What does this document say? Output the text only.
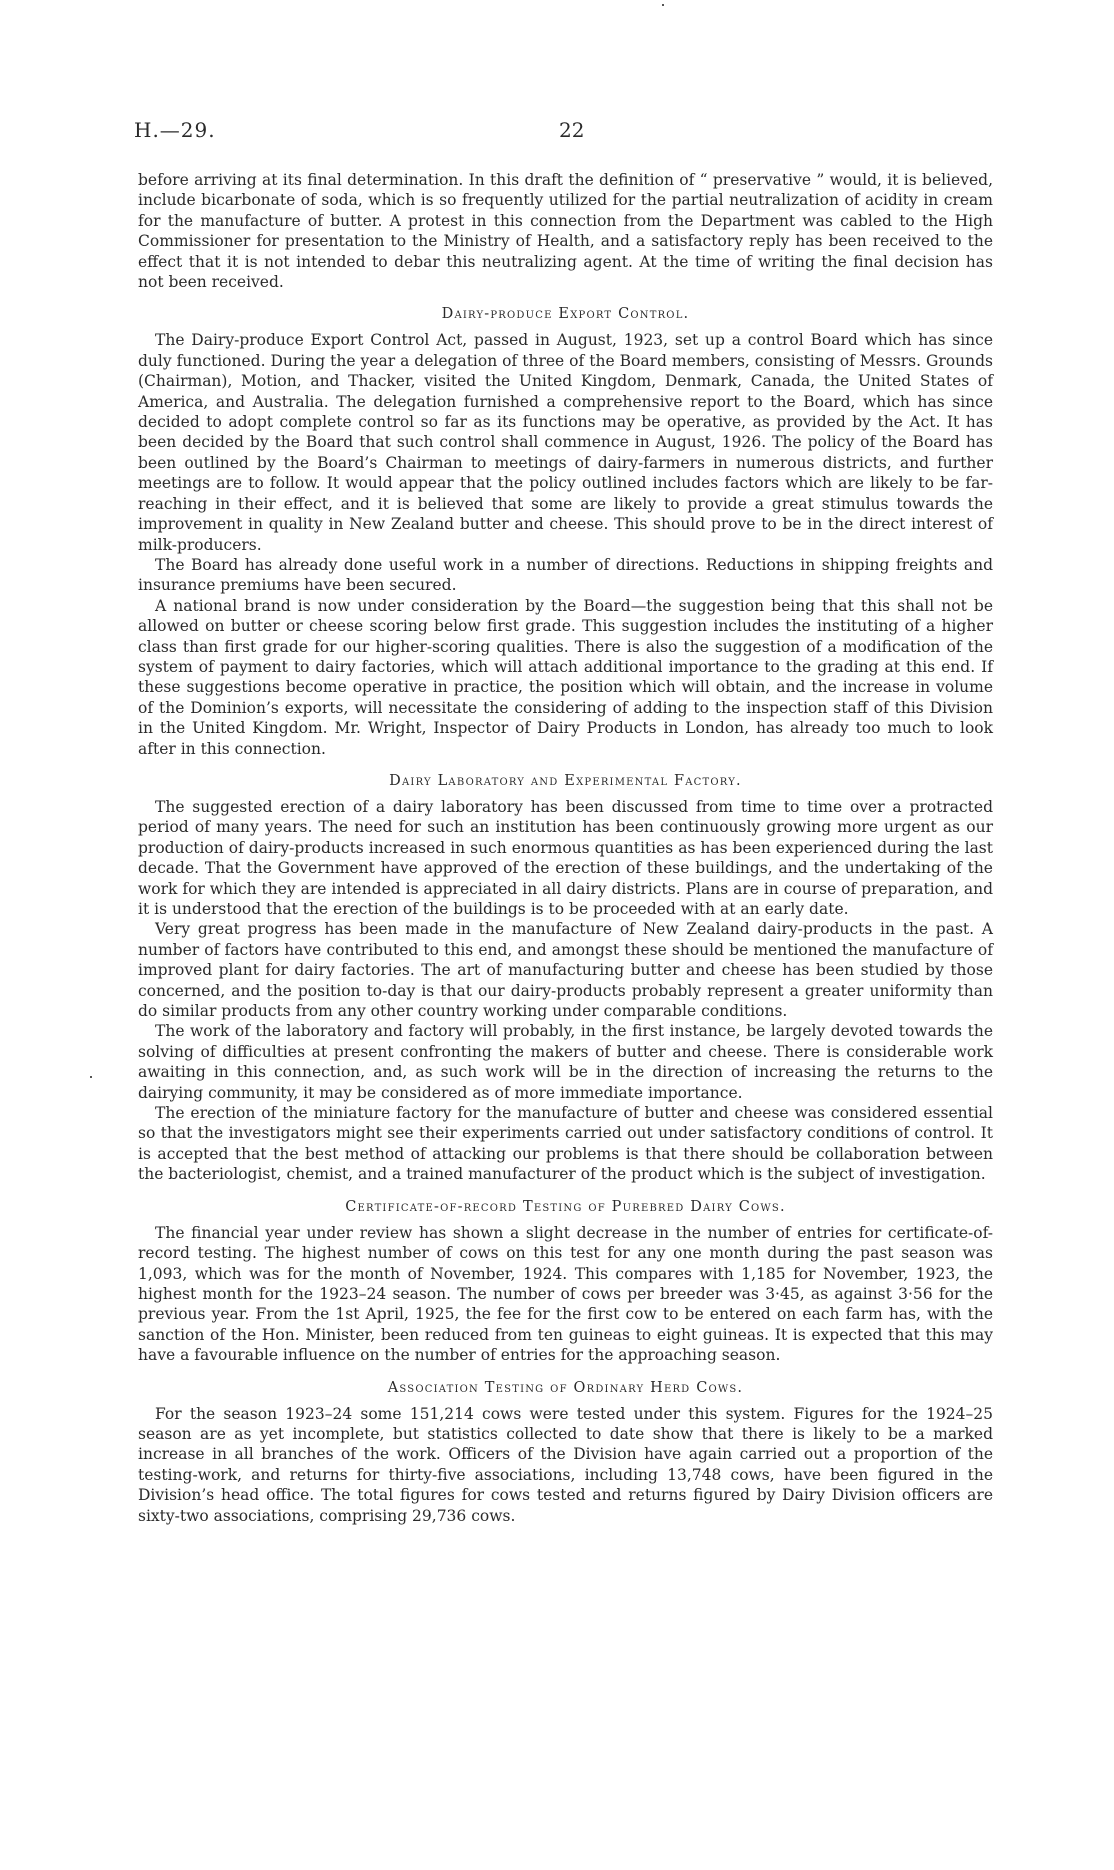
H.—29.	22

before arriving at its final determination. In this draft the definition of “ preservative ” would, it is believed, include bicarbonate of soda, which is so frequently utilized for the partial neutralization of acidity in cream for the manufacture of butter. A protest in this connection from the Department was cabled to the High Commissioner for presentation to the Ministry of Health, and a satisfactory reply has been received to the effect that it is not intended to debar this neutralizing agent. At the time of writing the final decision has not been received.

Dairy-produce Export Control.

The Dairy-produce Export Control Act, passed in August, 1923, set up a control Board which has since duly functioned. During the year a delegation of three of the Board members, consisting of Messrs. Grounds (Chairman), Motion, and Thacker, visited the United Kingdom, Denmark, Canada, the United States of America, and Australia. The delegation furnished a comprehensive report to the Board, which has since decided to adopt complete control so far as its functions may be operative, as provided by the Act. It has been decided by the Board that such control shall commence in August, 1926. The policy of the Board has been outlined by the Board’s Chairman to meetings of dairy-farmers in numerous districts, and further meetings are to follow. It would appear that the policy outlined includes factors which are likely to be far-reaching in their effect, and it is believed that some are likely to provide a great stimulus towards the improvement in quality in New Zealand butter and cheese. This should prove to be in the direct interest of milk-producers.

The Board has already done useful work in a number of directions. Reductions in shipping freights and insurance premiums have been secured.

A national brand is now under consideration by the Board—the suggestion being that this shall not be allowed on butter or cheese scoring below first grade. This suggestion includes the instituting of a higher class than first grade for our higher-scoring qualities. There is also the suggestion of a modification of the system of payment to dairy factories, which will attach additional importance to the grading at this end. If these suggestions become operative in practice, the position which will obtain, and the increase in volume of the Dominion’s exports, will necessitate the considering of adding to the inspection staff of this Division in the United Kingdom. Mr. Wright, Inspector of Dairy Products in London, has already too much to look after in this connection.

Dairy Laboratory and Experimental Factory.

The suggested erection of a dairy laboratory has been discussed from time to time over a protracted period of many years. The need for such an institution has been continuously growing more urgent as our production of dairy-products increased in such enormous quantities as has been experienced during the last decade. That the Government have approved of the erection of these buildings, and the undertaking of the work for which they are intended is appreciated in all dairy districts. Plans are in course of preparation, and it is understood that the erection of the buildings is to be proceeded with at an early date.

Very great progress has been made in the manufacture of New Zealand dairy-products in the past. A number of factors have contributed to this end, and amongst these should be mentioned the manufacture of improved plant for dairy factories. The art of manufacturing butter and cheese has been studied by those concerned, and the position to-day is that our dairy-products probably represent a greater uniformity than do similar products from any other country working under comparable conditions.

The work of the laboratory and factory will probably, in the first instance, be largely devoted towards the solving of difficulties at present confronting the makers of butter and cheese. There is considerable work awaiting in this connection, and, as such work will be in the direction of increasing the returns to the dairying community, it may be considered as of more immediate importance.

The erection of the miniature factory for the manufacture of butter and cheese was considered essential so that the investigators might see their experiments carried out under satisfactory conditions of control. It is accepted that the best method of attacking our problems is that there should be collaboration between the bacteriologist, chemist, and a trained manufacturer of the product which is the subject of investigation.

Certificate-of-record Testing of Purebred Dairy Cows.

The financial year under review has shown a slight decrease in the number of entries for certificate-of-record testing. The highest number of cows on this test for any one month during the past season was 1,093, which was for the month of November, 1924. This compares with 1,185 for November, 1923, the highest month for the 1923–24 season. The number of cows per breeder was 3·45, as against 3·56 for the previous year. From the 1st April, 1925, the fee for the first cow to be entered on each farm has, with the sanction of the Hon. Minister, been reduced from ten guineas to eight guineas. It is expected that this may have a favourable influence on the number of entries for the approaching season.

Association Testing of Ordinary Herd Cows.

For the season 1923–24 some 151,214 cows were tested under this system. Figures for the 1924–25 season are as yet incomplete, but statistics collected to date show that there is likely to be a marked increase in all branches of the work. Officers of the Division have again carried out a proportion of the testing-work, and returns for thirty-five associations, including 13,748 cows, have been figured in the Division’s head office. The total figures for cows tested and returns figured by Dairy Division officers are sixty-two associations, comprising 29,736 cows.
